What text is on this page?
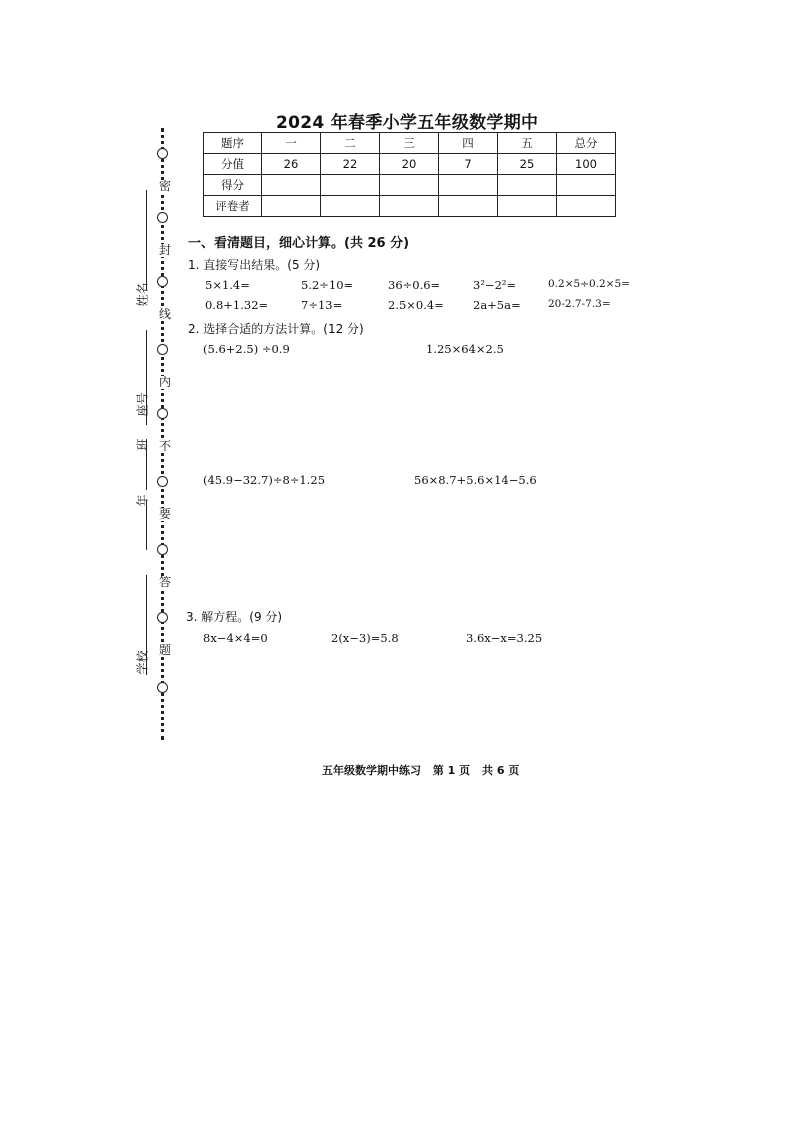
密
封
线
内
不
要
答
题
姓名
座号
班
年
学校
2024 年春季小学五年级数学期中
题序	一	二	三	四	五	总分
分值	26	22	20	7	25	100
得分						
评卷者						
一、看清题目，细心计算。(共 26 分)
1. 直接写出结果。(5 分)
5×1.4=	5.2÷10=	36÷0.6=	3²−2²=	0.2×5÷0.2×5=
0.8+1.32=	7÷13=	2.5×0.4=	2a+5a=	20-2.7-7.3=
2. 选择合适的方法计算。(12 分)
(5.6+2.5) ÷0.9	1.25×64×2.5
(45.9−32.7)÷8÷1.25	56×8.7+5.6×14−5.6
3. 解方程。(9 分)
8x−4×4=0	2(x−3)=5.8	3.6x−x=3.25
五年级数学期中练习 第 1 页 共 6 页
